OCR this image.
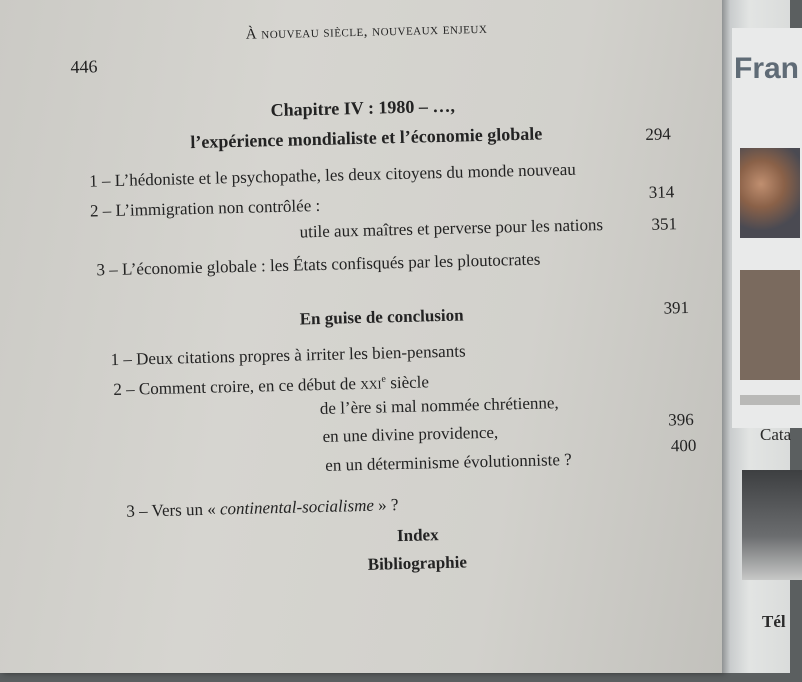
446
À nouveau siècle, nouveaux enjeux
Chapitre IV : 1980 – …,
l’expérience mondialiste et l’économie globale
1 – L’hédoniste et le psychopathe, les deux citoyens du monde nouveau
294
2 – L’immigration non contrôlée :
314
utile aux maîtres et perverse pour les nations	351
3 – L’économie globale : les États confisqués par les ploutocrates
En guise de conclusion	391
1 – Deux citations propres à irriter les bien-pensants
2 – Comment croire, en ce début de xxi$^e$ siècle
de l’ère si mal nommée chrétienne,
en une divine providence,
396
en un déterminisme évolutionniste ?
400
3 – Vers un « continental-socialisme » ?
Index
Bibliographie
Fran
Cata
Tél
